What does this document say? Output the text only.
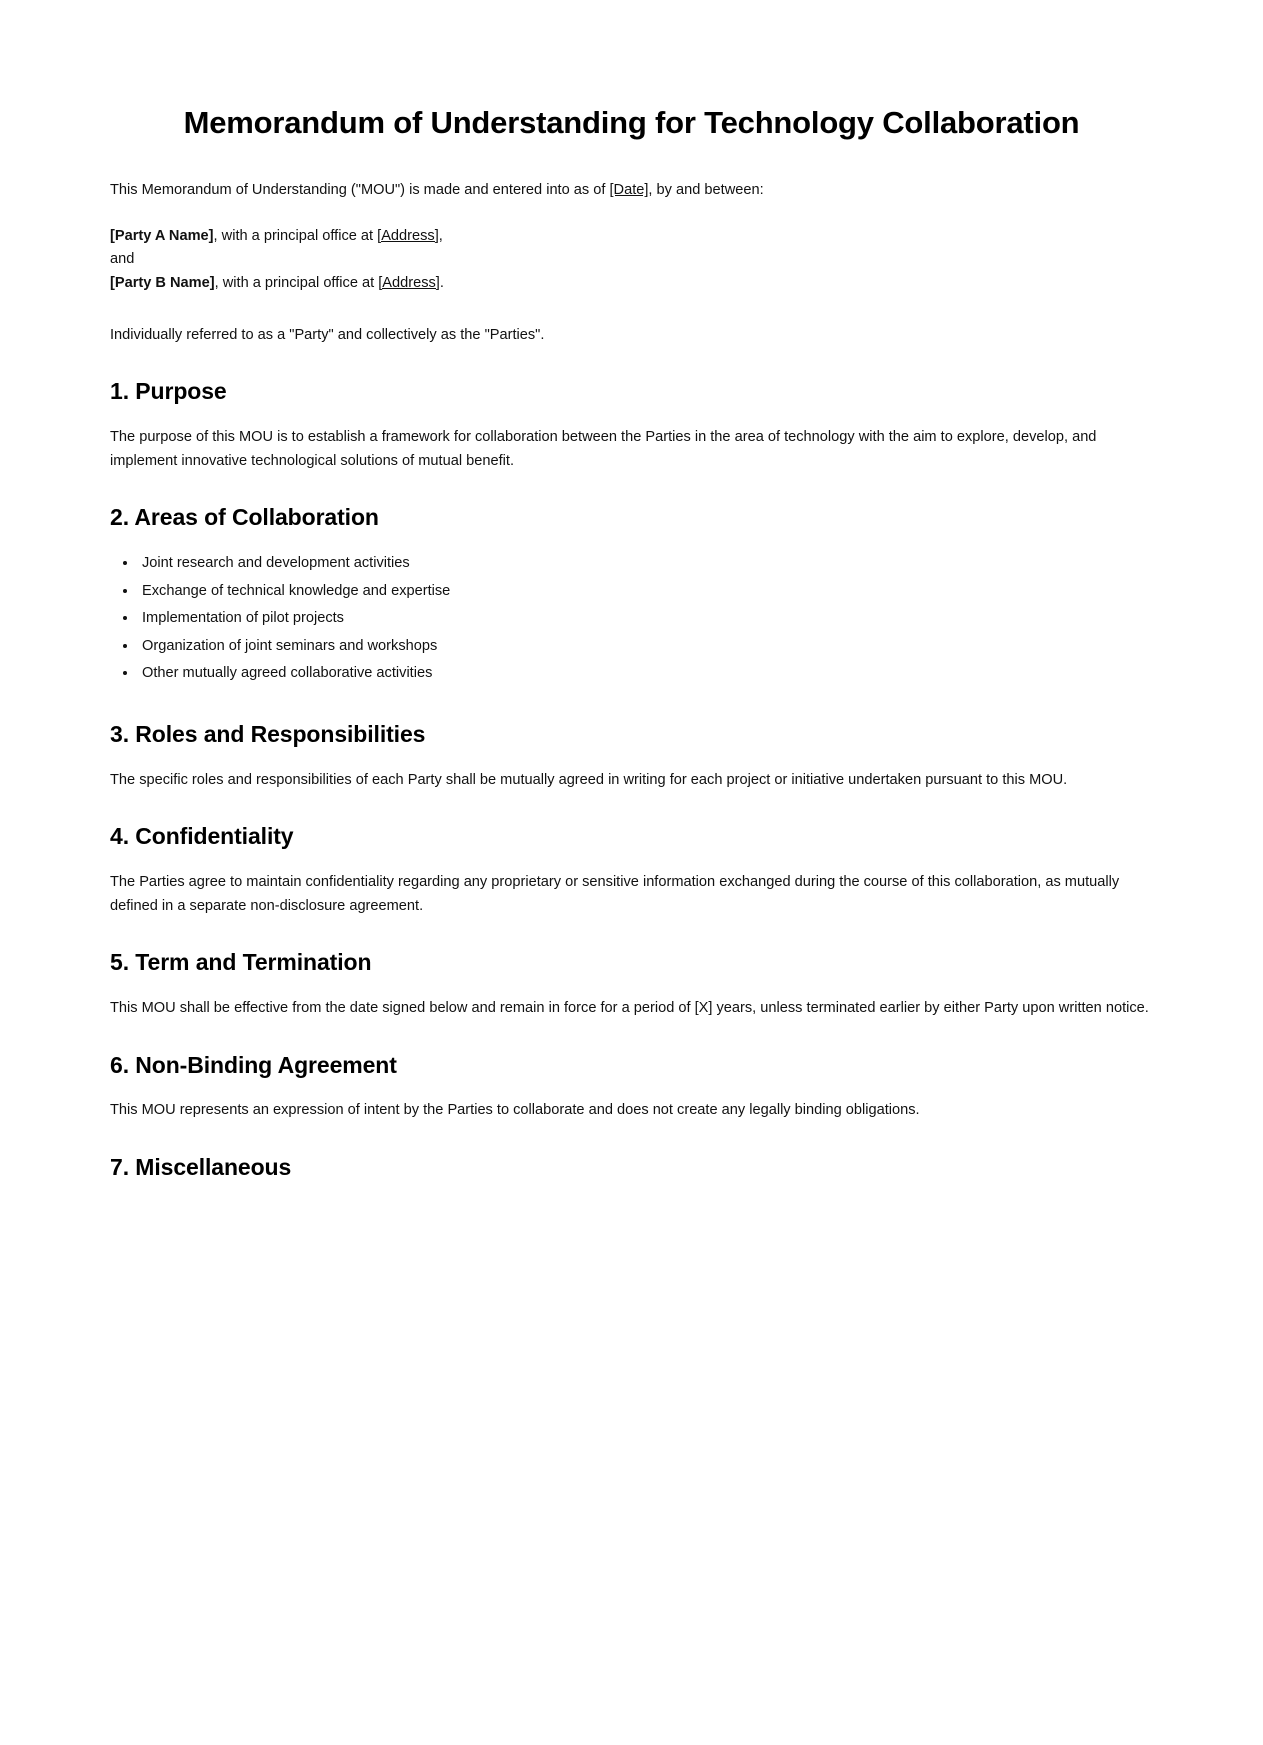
Memorandum of Understanding for Technology Collaboration

This Memorandum of Understanding ("MOU") is made and entered into as of [Date], by and between:

[Party A Name], with a principal office at [Address],

and

[Party B Name], with a principal office at [Address].

Individually referred to as a "Party" and collectively as the "Parties".

1. Purpose

The purpose of this MOU is to establish a framework for collaboration between the Parties in the area of technology with the aim to explore, develop, and implement innovative technological solutions of mutual benefit.

2. Areas of Collaboration
• Joint research and development activities
• Exchange of technical knowledge and expertise
• Implementation of pilot projects
• Organization of joint seminars and workshops
• Other mutually agreed collaborative activities
3. Roles and Responsibilities

The specific roles and responsibilities of each Party shall be mutually agreed in writing for each project or initiative undertaken pursuant to this MOU.

4. Confidentiality

The Parties agree to maintain confidentiality regarding any proprietary or sensitive information exchanged during the course of this collaboration, as mutually defined in a separate non-disclosure agreement.

5. Term and Termination

This MOU shall be effective from the date signed below and remain in force for a period of [X] years, unless terminated earlier by either Party upon written notice.

6. Non-Binding Agreement

This MOU represents an expression of intent by the Parties to collaborate and does not create any legally binding obligations.

7. Miscellaneous
